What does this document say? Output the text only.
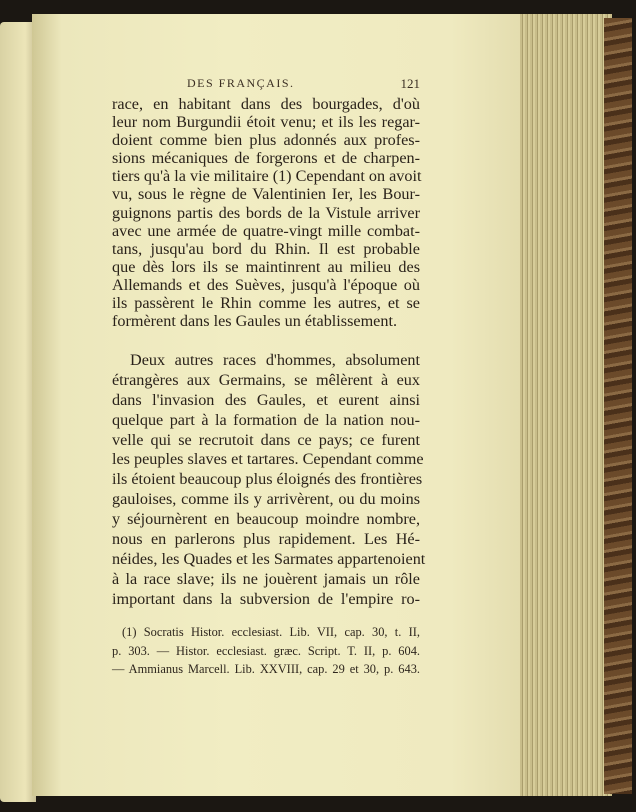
DES FRANÇAIS.	121
race, en habitant dans des bourgades, d'où
leur nom Burgundii étoit venu; et ils les regar-
doient comme bien plus adonnés aux profes-
sions mécaniques de forgerons et de charpen-
tiers qu'à la vie militaire (1) Cependant on avoit
vu, sous le règne de Valentinien Ier, les Bour-
guignons partis des bords de la Vistule arriver
avec une armée de quatre-vingt mille combat-
tans, jusqu'au bord du Rhin. Il est probable
que dès lors ils se maintinrent au milieu des
Allemands et des Suèves, jusqu'à l'époque où
ils passèrent le Rhin comme les autres, et se
formèrent dans les Gaules un établissement.
Deux autres races d'hommes, absolument
étrangères aux Germains, se mêlèrent à eux
dans l'invasion des Gaules, et eurent ainsi
quelque part à la formation de la nation nou-
velle qui se recrutoit dans ce pays; ce furent
les peuples slaves et tartares. Cependant comme
ils étoient beaucoup plus éloignés des frontières
gauloises, comme ils y arrivèrent, ou du moins
y séjournèrent en beaucoup moindre nombre,
nous en parlerons plus rapidement. Les Hé-
néides, les Quades et les Sarmates appartenoient
à la race slave; ils ne jouèrent jamais un rôle
important dans la subversion de l'empire ro-
(1) Socratis Histor. ecclesiast. Lib. VII, cap. 30, t. II,
p. 303. — Histor. ecclesiast. græc. Script. T. II, p. 604.
— Ammianus Marcell. Lib. XXVIII, cap. 29 et 30, p. 643.
